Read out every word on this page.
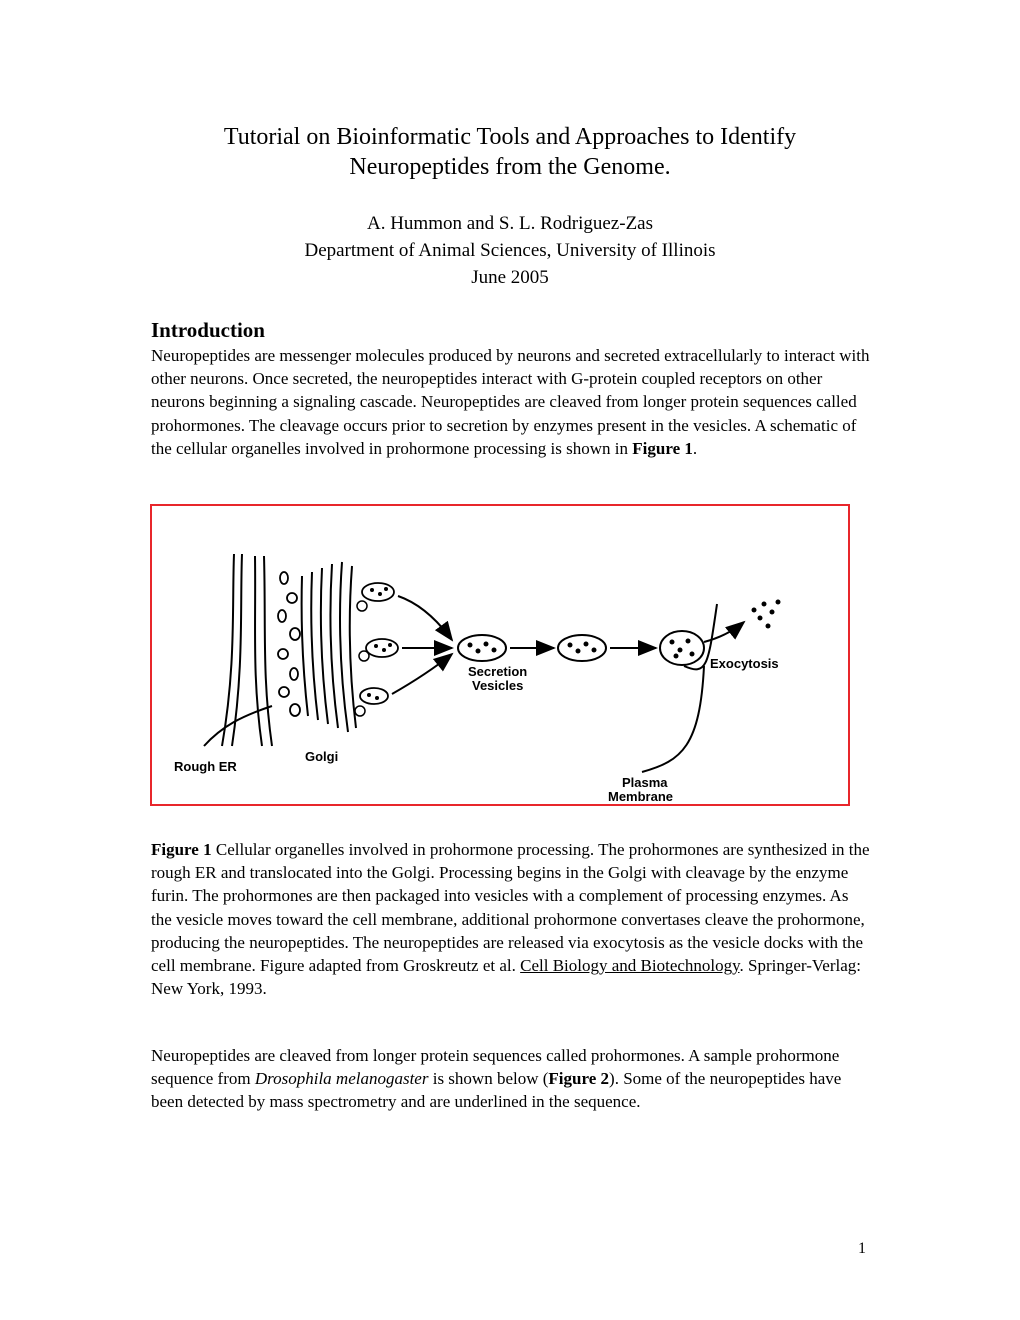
Tutorial on Bioinformatic Tools and Approaches to Identify
Neuropeptides from the Genome.
A. Hummon and S. L. Rodriguez-Zas
Department of Animal Sciences, University of Illinois
June 2005
Introduction
Neuropeptides are messenger molecules produced by neurons and secreted extracellularly to interact with other neurons. Once secreted, the neuropeptides interact with G-protein coupled receptors on other neurons beginning a signaling cascade. Neuropeptides are cleaved from longer protein sequences called prohormones. The cleavage occurs prior to secretion by enzymes present in the vesicles. A schematic of the cellular organelles involved in prohormone processing is shown in Figure 1.
Rough ER
Golgi
Secretion
Vesicles
Exocytosis
Plasma
Membrane
Figure 1 Cellular organelles involved in prohormone processing. The prohormones are synthesized in the rough ER and translocated into the Golgi. Processing begins in the Golgi with cleavage by the enzyme furin. The prohormones are then packaged into vesicles with a complement of processing enzymes. As the vesicle moves toward the cell membrane, additional prohormone convertases cleave the prohormone, producing the neuropeptides. The neuropeptides are released via exocytosis as the vesicle docks with the cell membrane. Figure adapted from Groskreutz et al. Cell Biology and Biotechnology. Springer-Verlag: New York, 1993.
Neuropeptides are cleaved from longer protein sequences called prohormones. A sample prohormone sequence from Drosophila melanogaster is shown below (Figure 2). Some of the neuropeptides have been detected by mass spectrometry and are underlined in the sequence.
1
